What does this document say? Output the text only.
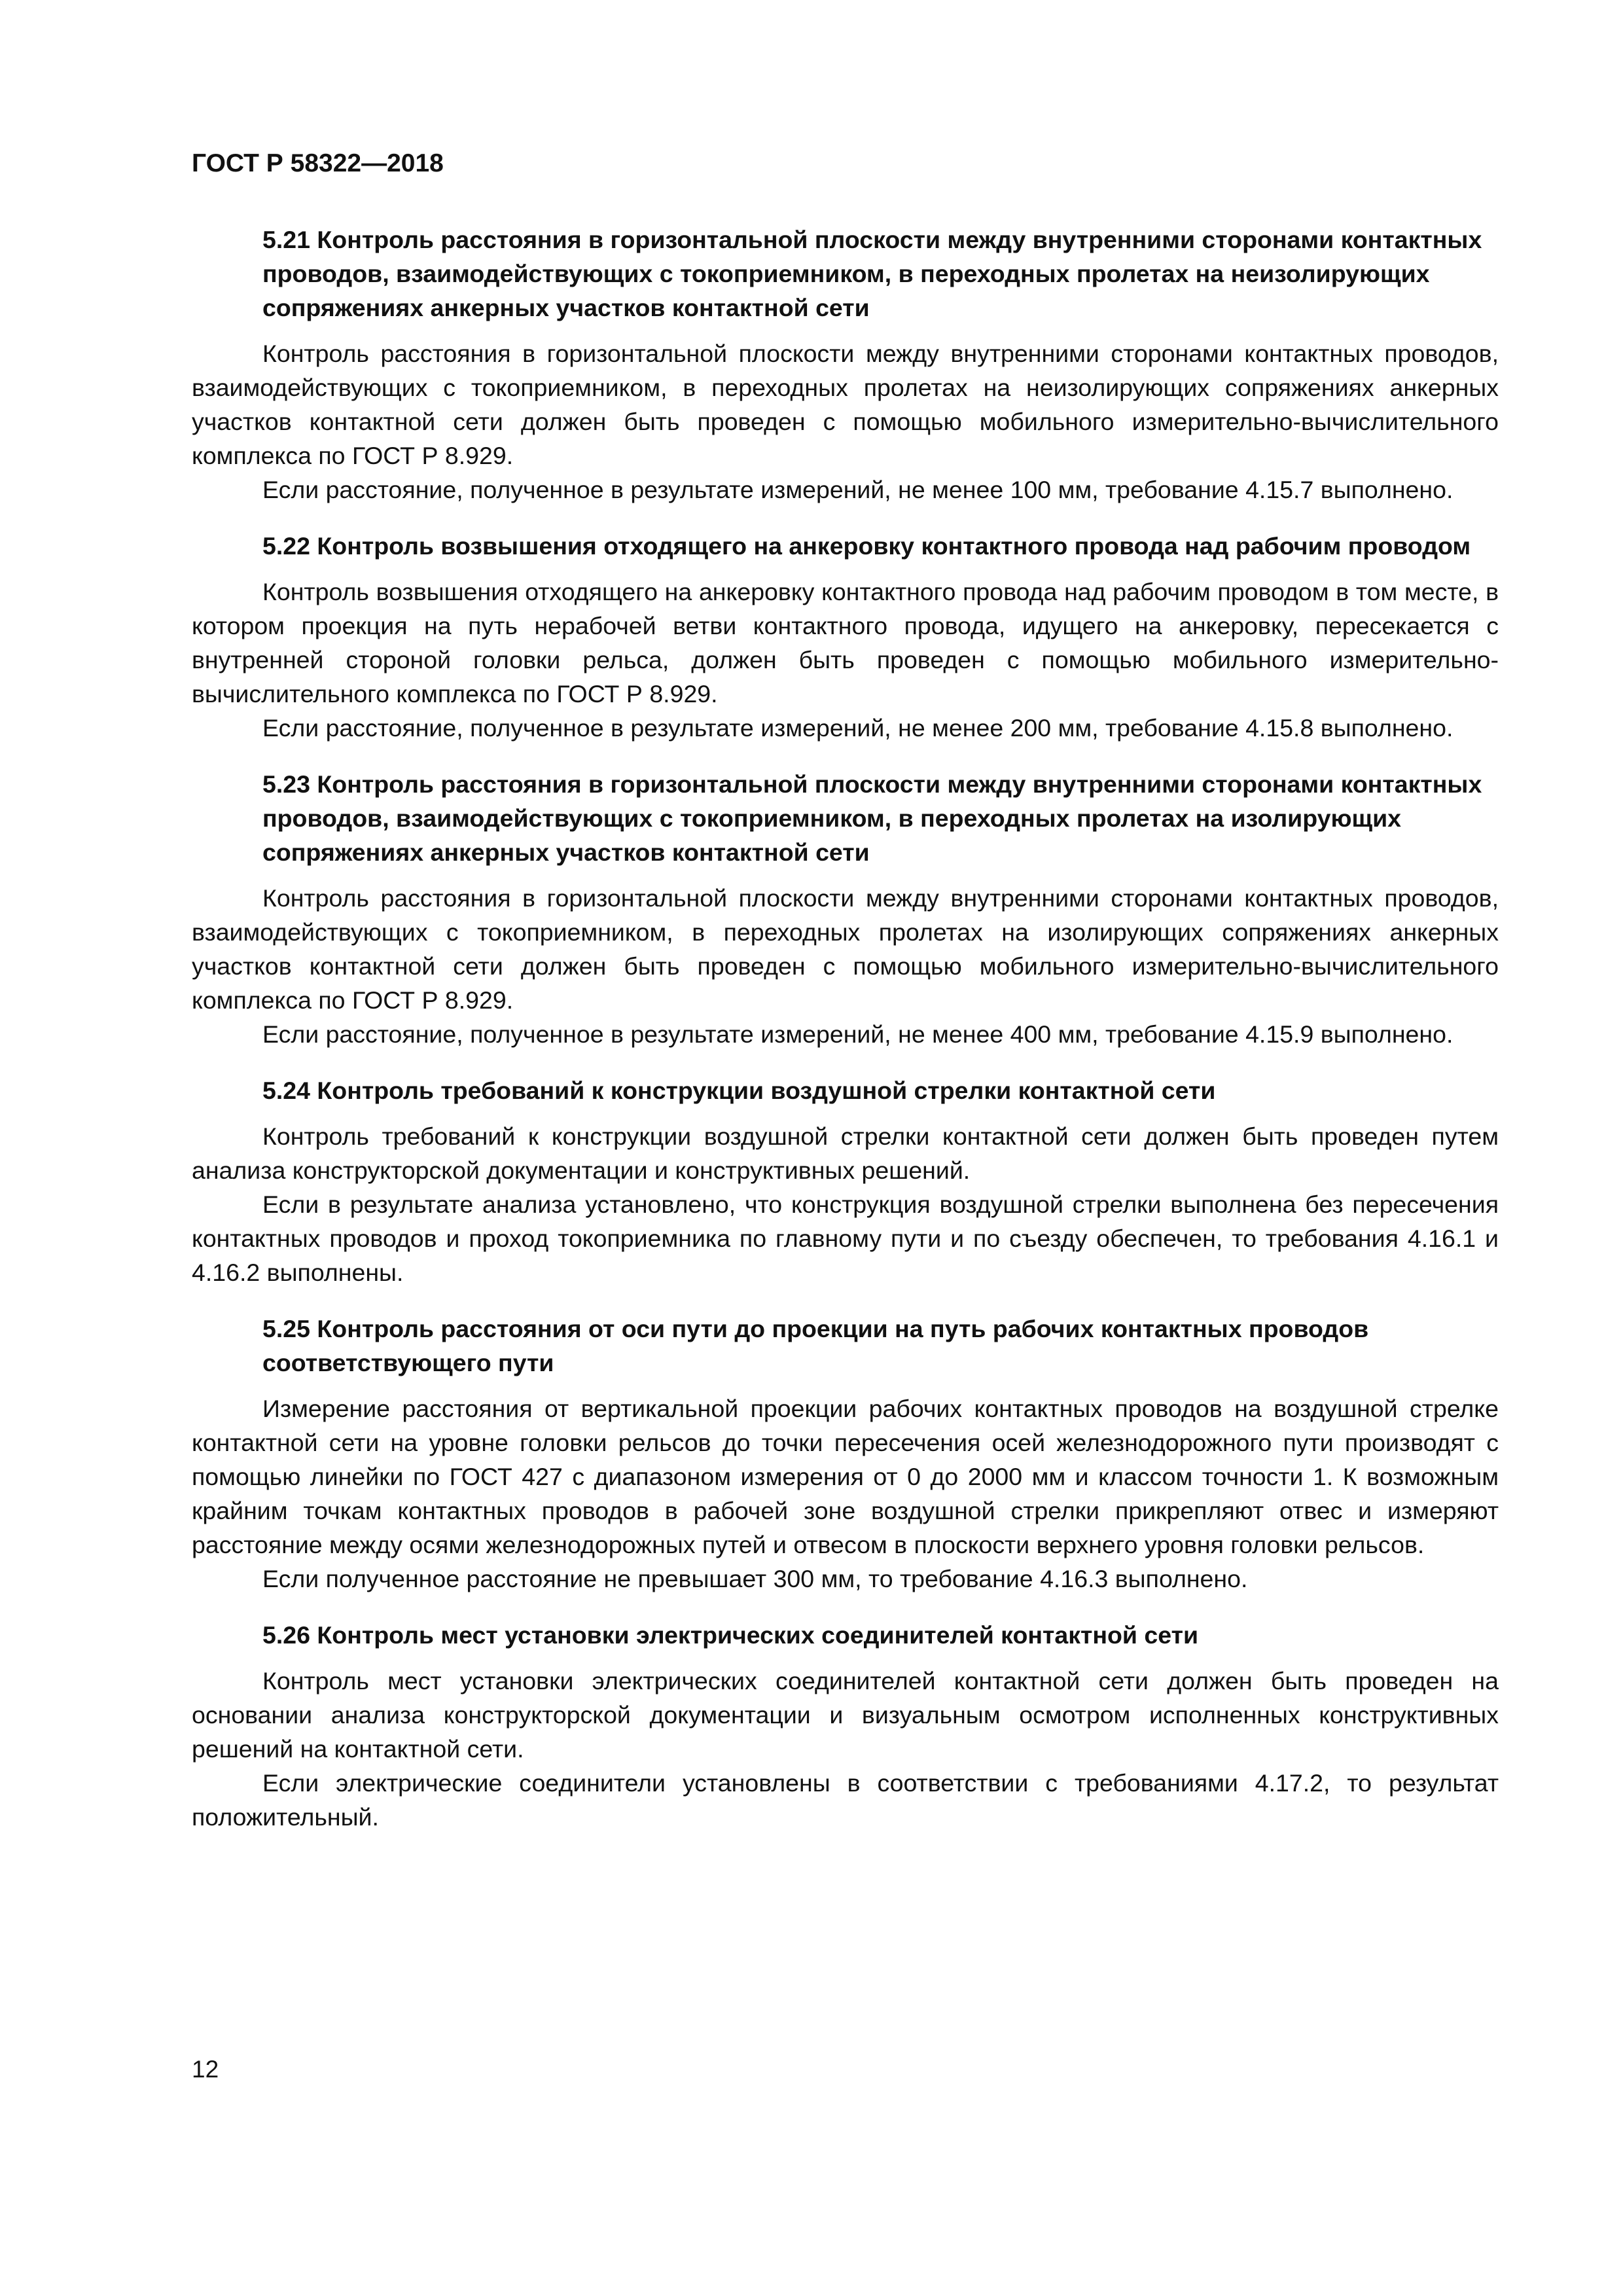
ГОСТ Р 58322—2018

5.21 Контроль расстояния в горизонтальной плоскости между внутренними сторонами контактных проводов, взаимодействующих с токоприемником, в переходных пролетах на неизолирующих сопряжениях анкерных участков контактной сети

Контроль расстояния в горизонтальной плоскости между внутренними сторонами контактных проводов, взаимодействующих с токоприемником, в переходных пролетах на неизолирующих сопряжениях анкерных участков контактной сети должен быть проведен с помощью мобильного измерительно-вычислительного комплекса по ГОСТ Р 8.929.

Если расстояние, полученное в результате измерений, не менее 100 мм, требование 4.15.7 выполнено.

5.22 Контроль возвышения отходящего на анкеровку контактного провода над рабочим проводом

Контроль возвышения отходящего на анкеровку контактного провода над рабочим проводом в том месте, в котором проекция на путь нерабочей ветви контактного провода, идущего на анкеровку, пересекается с внутренней стороной головки рельса, должен быть проведен с помощью мобильного измерительно-вычислительного комплекса по ГОСТ Р 8.929.

Если расстояние, полученное в результате измерений, не менее 200 мм, требование 4.15.8 выполнено.

5.23 Контроль расстояния в горизонтальной плоскости между внутренними сторонами контактных проводов, взаимодействующих с токоприемником, в переходных пролетах на изолирующих сопряжениях анкерных участков контактной сети

Контроль расстояния в горизонтальной плоскости между внутренними сторонами контактных проводов, взаимодействующих с токоприемником, в переходных пролетах на изолирующих сопряжениях анкерных участков контактной сети должен быть проведен с помощью мобильного измерительно-вычислительного комплекса по ГОСТ Р 8.929.

Если расстояние, полученное в результате измерений, не менее 400 мм, требование 4.15.9 выполнено.

5.24 Контроль требований к конструкции воздушной стрелки контактной сети

Контроль требований к конструкции воздушной стрелки контактной сети должен быть проведен путем анализа конструкторской документации и конструктивных решений.

Если в результате анализа установлено, что конструкция воздушной стрелки выполнена без пересечения контактных проводов и проход токоприемника по главному пути и по съезду обеспечен, то требования 4.16.1 и 4.16.2 выполнены.

5.25 Контроль расстояния от оси пути до проекции на путь рабочих контактных проводов соответствующего пути

Измерение расстояния от вертикальной проекции рабочих контактных проводов на воздушной стрелке контактной сети на уровне головки рельсов до точки пересечения осей железнодорожного пути производят с помощью линейки по ГОСТ 427 с диапазоном измерения от 0 до 2000 мм и классом точности 1. К возможным крайним точкам контактных проводов в рабочей зоне воздушной стрелки прикрепляют отвес и измеряют расстояние между осями железнодорожных путей и отвесом в плоскости верхнего уровня головки рельсов.

Если полученное расстояние не превышает 300 мм, то требование 4.16.3 выполнено.

5.26 Контроль мест установки электрических соединителей контактной сети

Контроль мест установки электрических соединителей контактной сети должен быть проведен на основании анализа конструкторской документации и визуальным осмотром исполненных конструктивных решений на контактной сети.

Если электрические соединители установлены в соответствии с требованиями 4.17.2, то результат положительный.

12
